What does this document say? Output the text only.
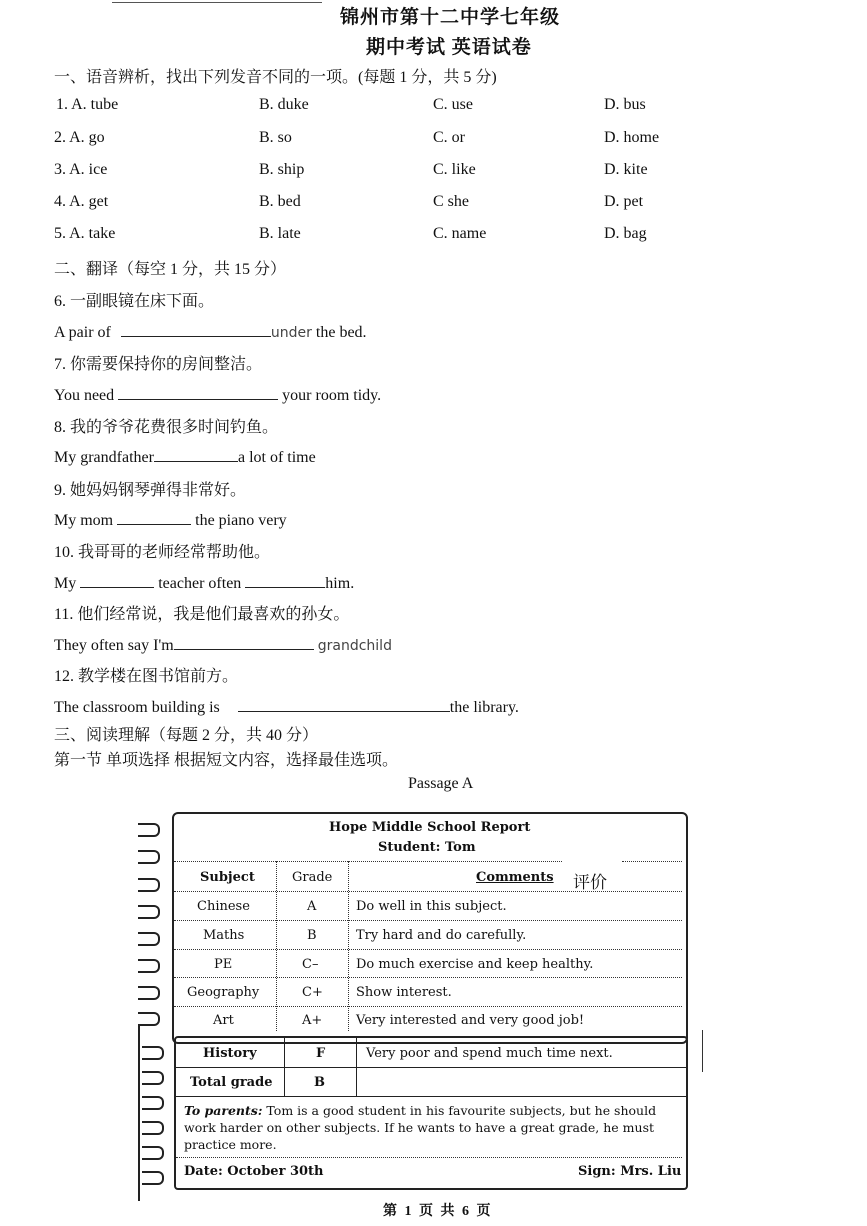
锦州市第十二中学七年级
期中考试 英语试卷
一、语音辨析，找出下列发音不同的一项。(每题 1 分，共 5 分)
1. A. tube	B. duke	C. use	D. bus
2. A. go	B. so	C. or	D. home
3. A. ice	B. ship	C. like	D. kite
4. A. get	B. bed	C she	D. pet
5. A. take	B. late	C. name	D. bag
二、翻译（每空 1 分，共 15 分）
6. 一副眼镜在床下面。
A pair of	under the bed.
7. 你需要保持你的房间整洁。
You need	your room tidy.
8. 我的爷爷花费很多时间钓鱼。
My grandfather	a lot of time
9. 她妈妈钢琴弹得非常好。
My mom	the piano very
10. 我哥哥的老师经常帮助他。
My	teacher often	him.
11. 他们经常说，我是他们最喜欢的孙女。
They often say I'm	grandchild
12. 教学楼在图书馆前方。
The classroom building is	the library.
三、阅读理解（每题 2 分，共 40 分）
第一节 单项选择 根据短文内容，选择最佳选项。
Passage A
Hope Middle School Report
Student: Tom
Subject	Grade	Comments 评价
Chinese	A	Do well in this subject.
Maths	B	Try hard and do carefully.
PE	C–	Do much exercise and keep healthy.
Geography	C+	Show interest.
Art	A+	Very interested and very good job!
History	F	Very poor and spend much time next.
Total grade	B
To parents: Tom is a good student in his favourite subjects, but he should
work harder on other subjects. If he wants to have a great grade, he must
practice more.
Date: October 30th	Sign: Mrs. Liu
第 1 页 共 6 页
